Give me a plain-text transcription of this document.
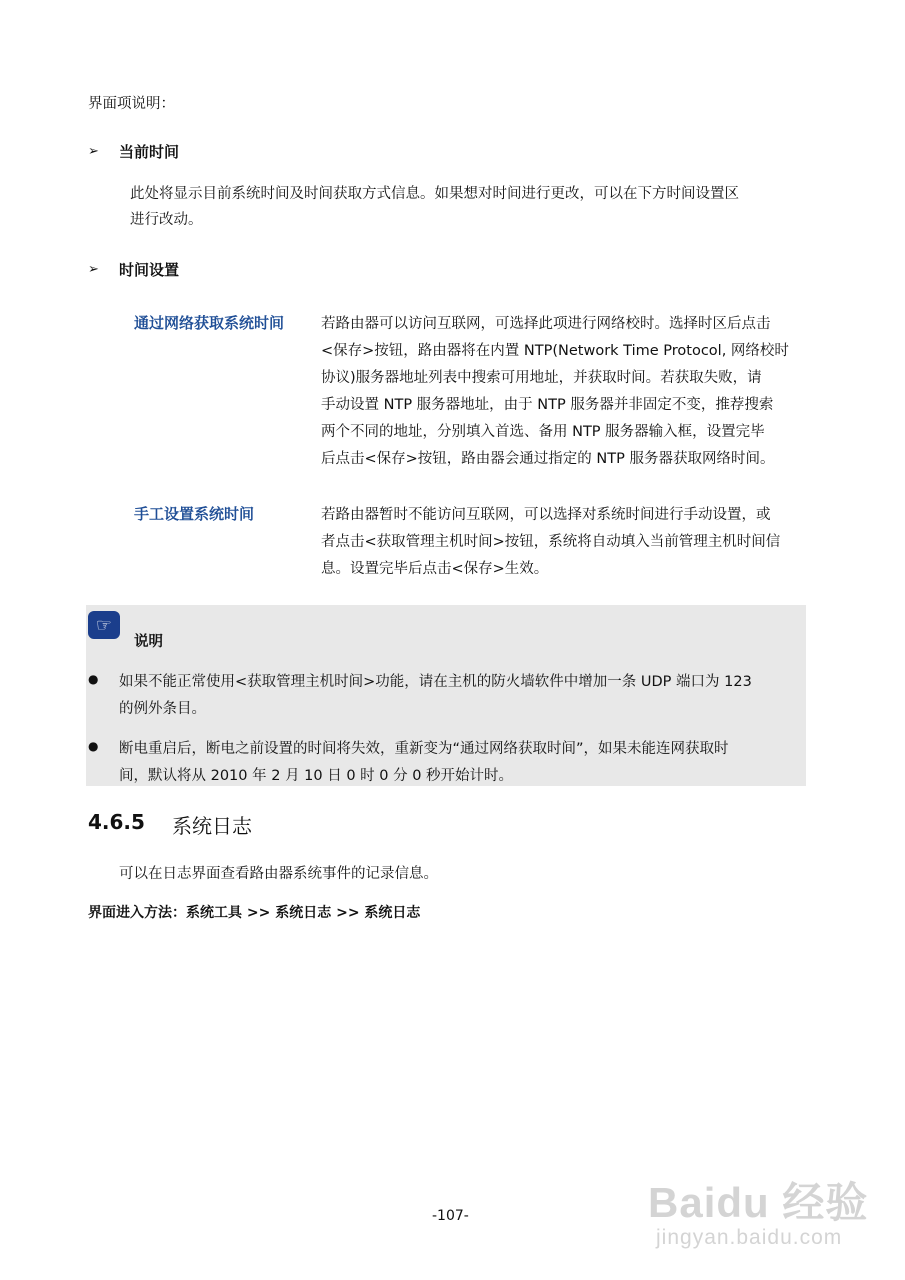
界面项说明：
➢ 当前时间
此处将显示目前系统时间及时间获取方式信息。如果想对时间进行更改，可以在下方时间设置区
进行改动。
➢ 时间设置
通过网络获取系统时间	若路由器可以访问互联网，可选择此项进行网络校时。选择时区后点击
<保存>按钮，路由器将在内置 NTP(Network Time Protocol, 网络校时
协议)服务器地址列表中搜索可用地址，并获取时间。若获取失败，请
手动设置 NTP 服务器地址，由于 NTP 服务器并非固定不变，推荐搜索
两个不同的地址，分别填入首选、备用 NTP 服务器输入框，设置完毕
后点击<保存>按钮，路由器会通过指定的 NTP 服务器获取网络时间。
手工设置系统时间	若路由器暂时不能访问互联网，可以选择对系统时间进行手动设置，或
者点击<获取管理主机时间>按钮，系统将自动填入当前管理主机时间信
息。设置完毕后点击<保存>生效。
☞
说明
● 如果不能正常使用<获取管理主机时间>功能，请在主机的防火墙软件中增加一条 UDP 端口为 123
的例外条目。
● 断电重启后，断电之前设置的时间将失效，重新变为“通过网络获取时间”，如果未能连网获取时
间，默认将从 2010 年 2 月 10 日 0 时 0 分 0 秒开始计时。
4.6.5 系统日志
可以在日志界面查看路由器系统事件的记录信息。
界面进入方法：系统工具 >> 系统日志 >> 系统日志
-107-	Baidu 经验
jingyan.baidu.com
